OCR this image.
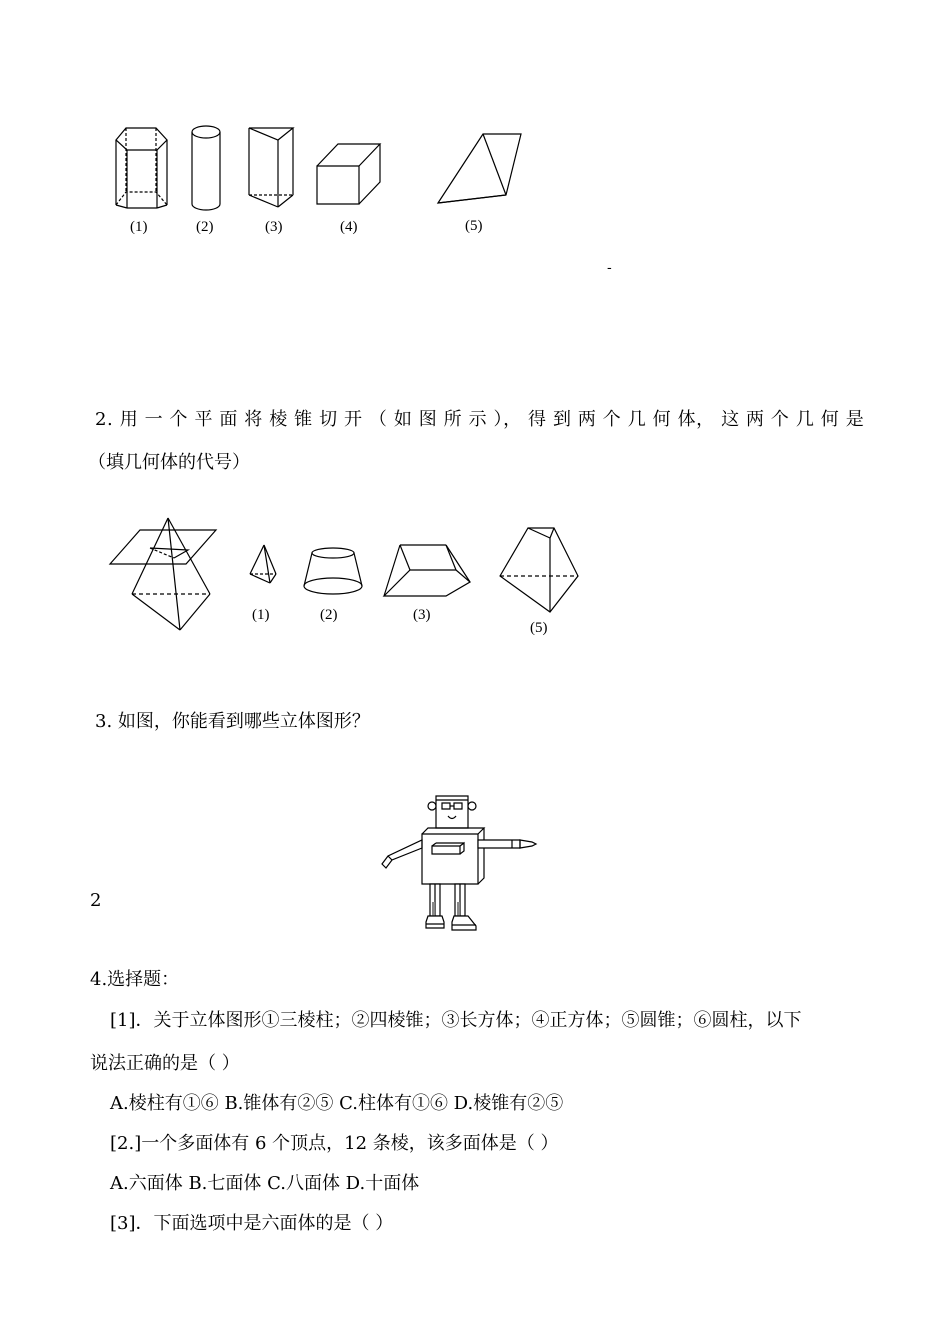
(1)	(2)	(3)	(4)	(5)
-
2. 用 一 个 平 面 将 棱 锥 切 开 （ 如 图 所 示 ）， 得 到 两 个 几 何 体， 这 两 个 几 何 是
（填几何体的代号）
(1)	(2)	(3)
(5)
3. 如图，你能看到哪些立体图形？
2
4.选择题：
[1]．关于立体图形①三棱柱；②四棱锥；③长方体；④正方体；⑤圆锥；⑥圆柱，以下
说法正确的是（ ）
A.棱柱有①⑥ B.锥体有②⑤ C.柱体有①⑥ D.棱锥有②⑤
[2.]一个多面体有 6 个顶点，12 条棱，该多面体是（ ）
A.六面体 B.七面体 C.八面体 D.十面体
[3]．下面选项中是六面体的是（ ）
